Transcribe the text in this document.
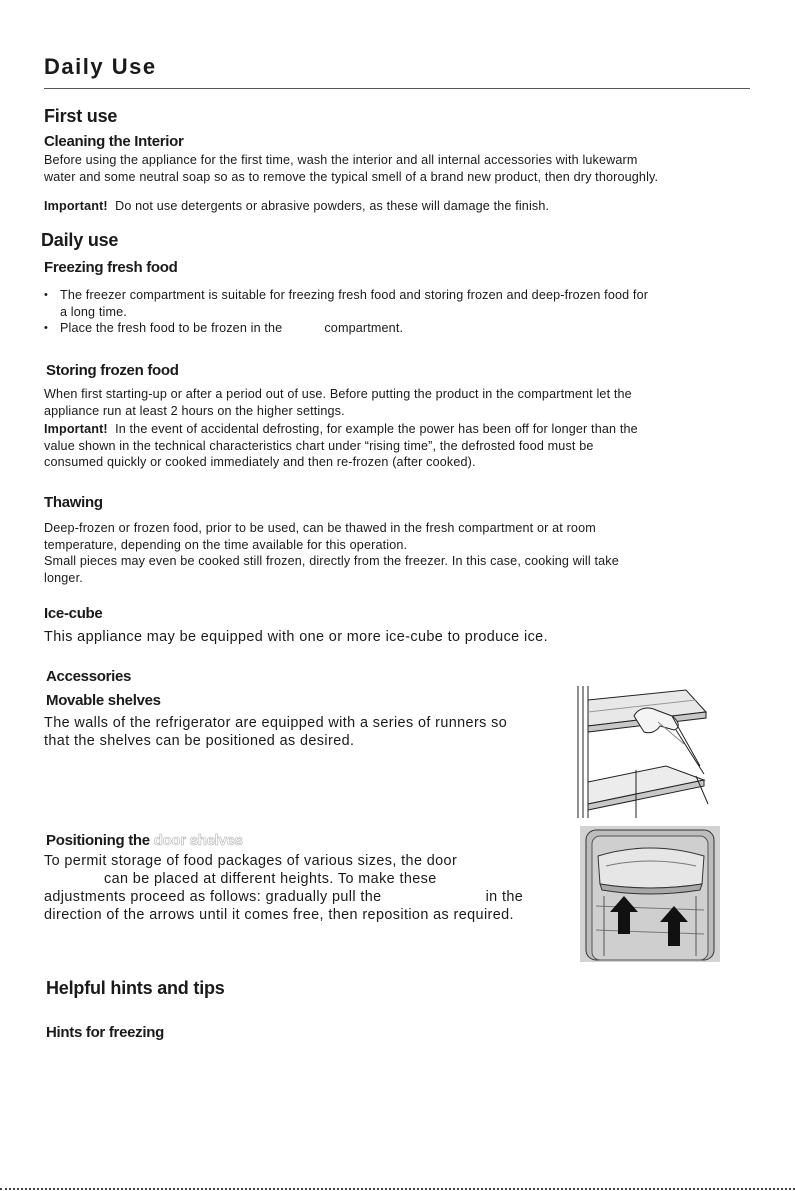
Daily Use
First use
Cleaning the Interior

Before using the appliance for the first time, wash the interior and all internal accessories with lukewarm
water and some neutral soap so as to remove the typical smell of a brand new product, then dry thoroughly.

Important! Do not use detergents or abrasive powders, as these will damage the finish.

Daily use
Freezing fresh food
• The freezer compartment is suitable for freezing fresh food and storing frozen and deep-frozen food for
a long time.
• Place the fresh food to be frozen in the	compartment.
Storing frozen food

When first starting-up or after a period out of use. Before putting the product in the compartment let the
appliance run at least 2 hours on the higher settings.

Important! In the event of accidental defrosting, for example the power has been off for longer than the
value shown in the technical characteristics chart under “rising time”, the defrosted food must be
consumed quickly or cooked immediately and then re-frozen (after cooked).

Thawing

Deep-frozen or frozen food, prior to be used, can be thawed in the fresh compartment or at room
temperature, depending on the time available for this operation.
Small pieces may even be cooked still frozen, directly from the freezer. In this case, cooking will take
longer.

Ice-cube

This appliance may be equipped with one or more ice-cube to produce ice.

Accessories
Movable shelves

The walls of the refrigerator are equipped with a series of runners so
that the shelves can be positioned as desired.

Positioning the door shelves

To permit storage of food packages of various sizes, the door
can be placed at different heights. To make these
adjustments proceed as follows: gradually pull the	in the
direction of the arrows until it comes free, then reposition as required.

Helpful hints and tips
Hints for freezing
